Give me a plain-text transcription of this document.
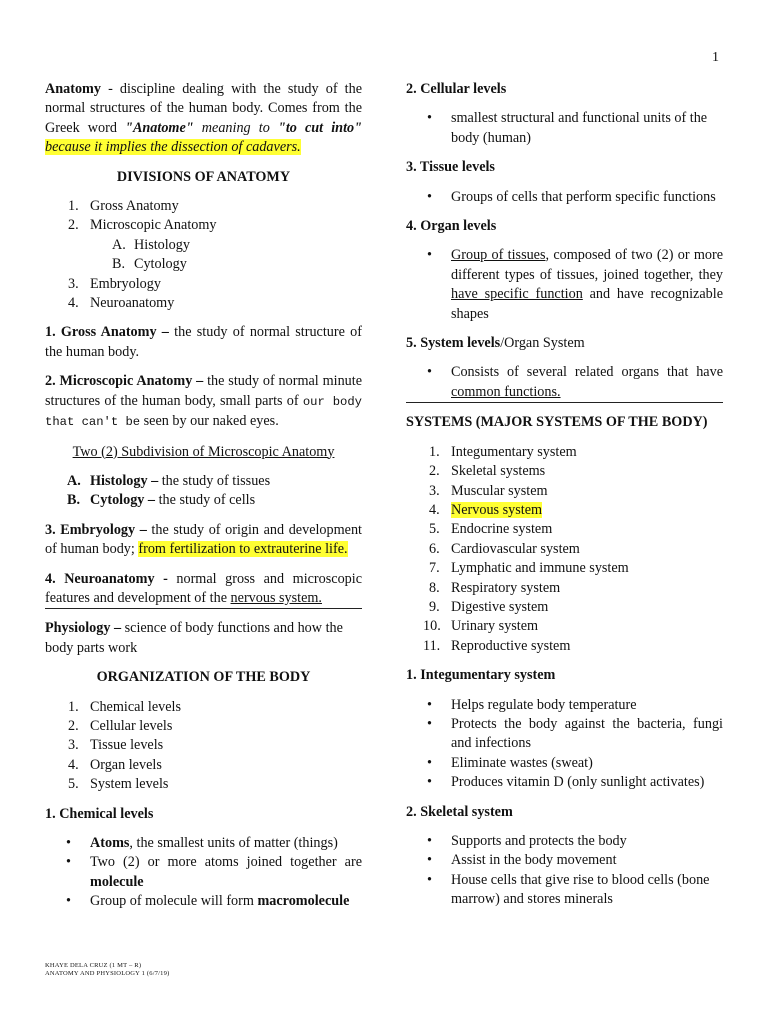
1

Anatomy - discipline dealing with the study of the normal structures of the human body. Comes from the Greek word "Anatome" meaning to "to cut into" because it implies the dissection of cadavers.

DIVISIONS OF ANATOMY

1. Gross Anatomy
2. Microscopic Anatomy
A. Histology
B. Cytology
3. Embryology
4. Neuroanatomy

1. Gross Anatomy – the study of normal structure of the human body.

2. Microscopic Anatomy – the study of normal minute structures of the human body, small parts of our body that can't be seen by our naked eyes.

Two (2) Subdivision of Microscopic Anatomy

A. Histology – the study of tissues
B. Cytology – the study of cells

3. Embryology – the study of origin and development of human body; from fertilization to extrauterine life.

4. Neuroanatomy - normal gross and microscopic features and development of the nervous system.

Physiology – science of body functions and how the body parts work

ORGANIZATION OF THE BODY

1. Chemical levels
2. Cellular levels
3. Tissue levels
4. Organ levels
5. System levels

1. Chemical levels

• Atoms, the smallest units of matter (things)
• Two (2) or more atoms joined together are molecule
• Group of molecule will form macromolecule

2. Cellular levels

• smallest structural and functional units of the body (human)

3. Tissue levels

• Groups of cells that perform specific functions

4. Organ levels

• Group of tissues, composed of two (2) or more different types of tissues, joined together, they have specific function and have recognizable shapes

5. System levels/Organ System

• Consists of several related organs that have common functions.

SYSTEMS (MAJOR SYSTEMS OF THE BODY)

1. Integumentary system
2. Skeletal systems
3. Muscular system
4. Nervous system
5. Endocrine system
6. Cardiovascular system
7. Lymphatic and immune system
8. Respiratory system
9. Digestive system
10. Urinary system
11. Reproductive system

1. Integumentary system

• Helps regulate body temperature
• Protects the body against the bacteria, fungi and infections
• Eliminate wastes (sweat)
• Produces vitamin D (only sunlight activates)

2. Skeletal system

• Supports and protects the body
• Assist in the body movement
• House cells that give rise to blood cells (bone marrow) and stores minerals
KHAYE DELA CRUZ (1 MT – R)
ANATOMY AND PHYSIOLOGY 1 (6/7/19)
